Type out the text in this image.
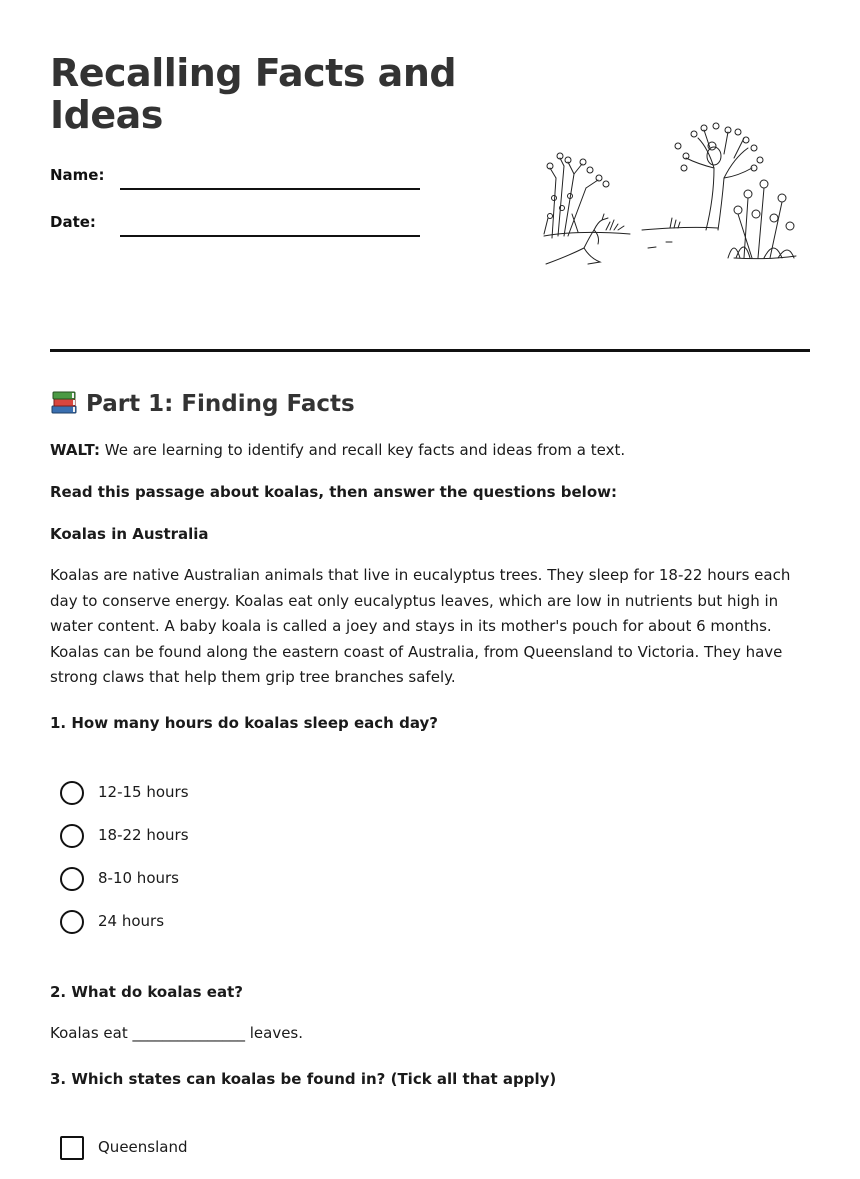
Recalling Facts and Ideas
Name:
Date:
Part 1: Finding Facts

WALT: We are learning to identify and recall key facts and ideas from a text.

Read this passage about koalas, then answer the questions below:

Koalas in Australia

Koalas are native Australian animals that live in eucalyptus trees. They sleep for 18-22 hours each day to conserve energy. Koalas eat only eucalyptus leaves, which are low in nutrients but high in water content. A baby koala is called a joey and stays in its mother's pouch for about 6 months. Koalas can be found along the eastern coast of Australia, from Queensland to Victoria. They have strong claws that help them grip tree branches safely.

1. How many hours do koalas sleep each day?

12-15 hours
18-22 hours
8-10 hours
24 hours

2. What do koalas eat?

Koalas eat _______________ leaves.

3. Which states can koalas be found in? (Tick all that apply)

Queensland
